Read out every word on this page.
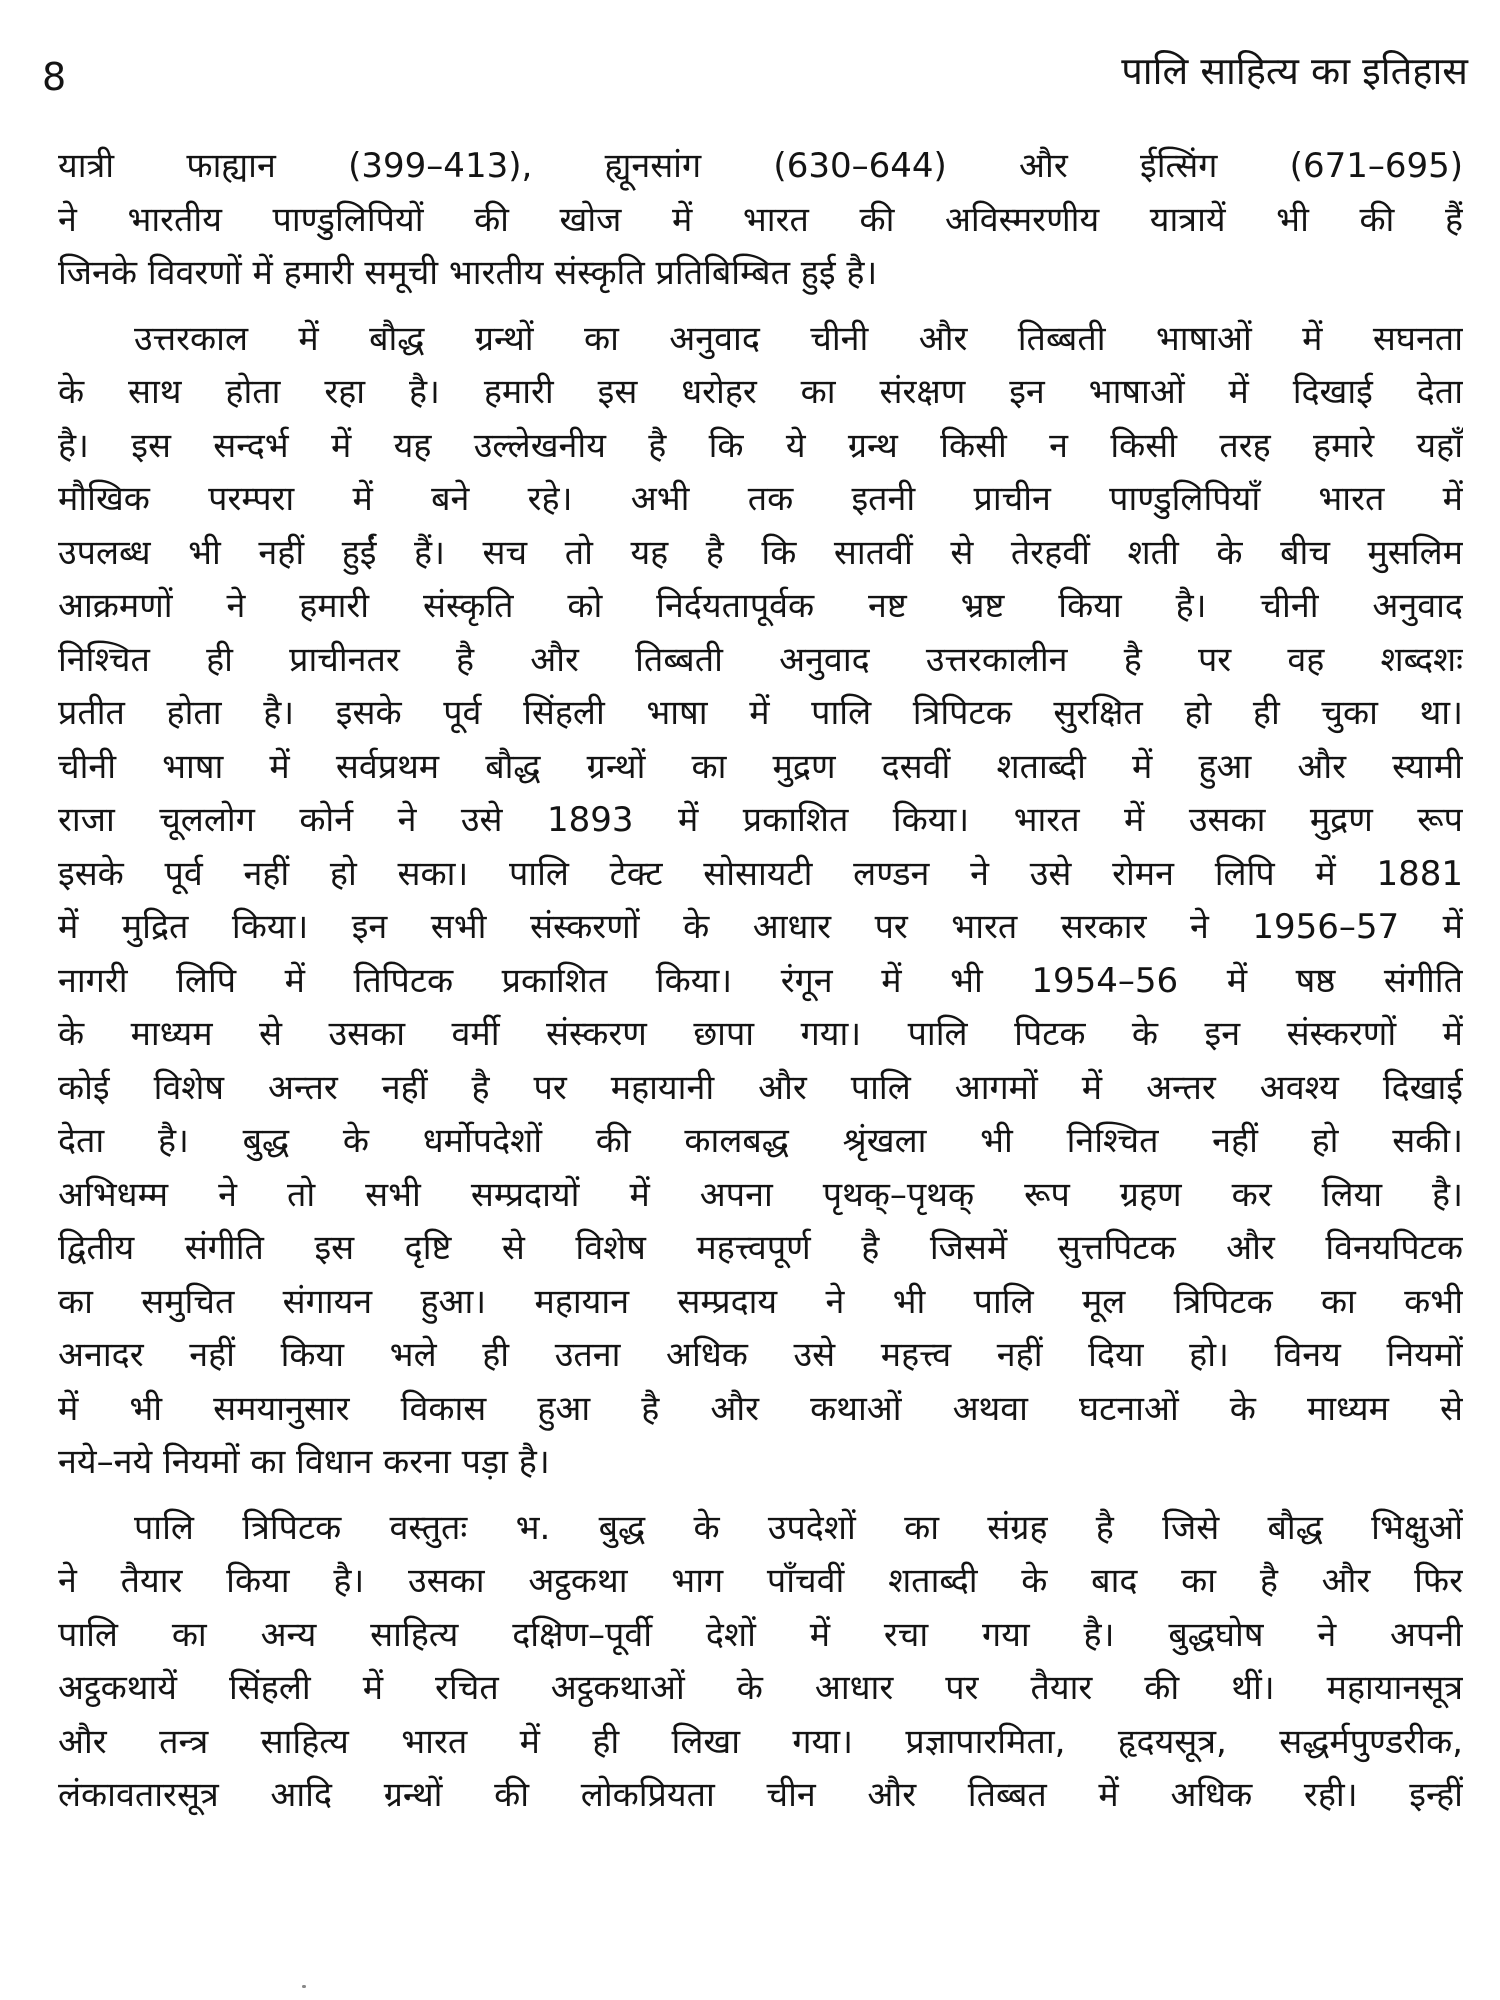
8	पालि साहित्य का इतिहास
यात्री फाह्यान (399–413), ह्यूनसांग (630–644) और ईत्सिंग (671–695)
ने भारतीय पाण्डुलिपियों की खोज में भारत की अविस्मरणीय यात्रायें भी की हैं
जिनके विवरणों में हमारी समूची भारतीय संस्कृति प्रतिबिम्बित हुई है।
उत्तरकाल में बौद्ध ग्रन्थों का अनुवाद चीनी और तिब्बती भाषाओं में सघनता
के साथ होता रहा है। हमारी इस धरोहर का संरक्षण इन भाषाओं में दिखाई देता
है। इस सन्दर्भ में यह उल्लेखनीय है कि ये ग्रन्थ किसी न किसी तरह हमारे यहाँ
मौखिक परम्परा में बने रहे। अभी तक इतनी प्राचीन पाण्डुलिपियाँ भारत में
उपलब्ध भी नहीं हुईं हैं। सच तो यह है कि सातवीं से तेरहवीं शती के बीच मुसलिम
आक्रमणों ने हमारी संस्कृति को निर्दयतापूर्वक नष्ट भ्रष्ट किया है। चीनी अनुवाद
निश्चित ही प्राचीनतर है और तिब्बती अनुवाद उत्तरकालीन है पर वह शब्दशः
प्रतीत होता है। इसके पूर्व सिंहली भाषा में पालि त्रिपिटक सुरक्षित हो ही चुका था।
चीनी भाषा में सर्वप्रथम बौद्ध ग्रन्थों का मुद्रण दसवीं शताब्दी में हुआ और स्यामी
राजा चूललोग कोर्न ने उसे 1893 में प्रकाशित किया। भारत में उसका मुद्रण रूप
इसके पूर्व नहीं हो सका। पालि टेक्ट सोसायटी लण्डन ने उसे रोमन लिपि में 1881
में मुद्रित किया। इन सभी संस्करणों के आधार पर भारत सरकार ने 1956–57 में
नागरी लिपि में तिपिटक प्रकाशित किया। रंगून में भी 1954–56 में षष्ठ संगीति
के माध्यम से उसका वर्मी संस्करण छापा गया। पालि पिटक के इन संस्करणों में
कोई विशेष अन्तर नहीं है पर महायानी और पालि आगमों में अन्तर अवश्य दिखाई
देता है। बुद्ध के धर्मोपदेशों की कालबद्ध श्रृंखला भी निश्चित नहीं हो सकी।
अभिधम्म ने तो सभी सम्प्रदायों में अपना पृथक्–पृथक् रूप ग्रहण कर लिया है।
द्वितीय संगीति इस दृष्टि से विशेष महत्त्वपूर्ण है जिसमें सुत्तपिटक और विनयपिटक
का समुचित संगायन हुआ। महायान सम्प्रदाय ने भी पालि मूल त्रिपिटक का कभी
अनादर नहीं किया भले ही उतना अधिक उसे महत्त्व नहीं दिया हो। विनय नियमों
में भी समयानुसार विकास हुआ है और कथाओं अथवा घटनाओं के माध्यम से
नये–नये नियमों का विधान करना पड़ा है।
पालि त्रिपिटक वस्तुतः भ. बुद्ध के उपदेशों का संग्रह है जिसे बौद्ध भिक्षुओं
ने तैयार किया है। उसका अट्ठकथा भाग पाँचवीं शताब्दी के बाद का है और फिर
पालि का अन्य साहित्य दक्षिण–पूर्वी देशों में रचा गया है। बुद्धघोष ने अपनी
अट्ठकथायें सिंहली में रचित अट्ठकथाओं के आधार पर तैयार की थीं। महायानसूत्र
और तन्त्र साहित्य भारत में ही लिखा गया। प्रज्ञापारमिता, हृदयसूत्र, सद्धर्मपुण्डरीक,
लंकावतारसूत्र आदि ग्रन्थों की लोकप्रियता चीन और तिब्बत में अधिक रही। इन्हीं
